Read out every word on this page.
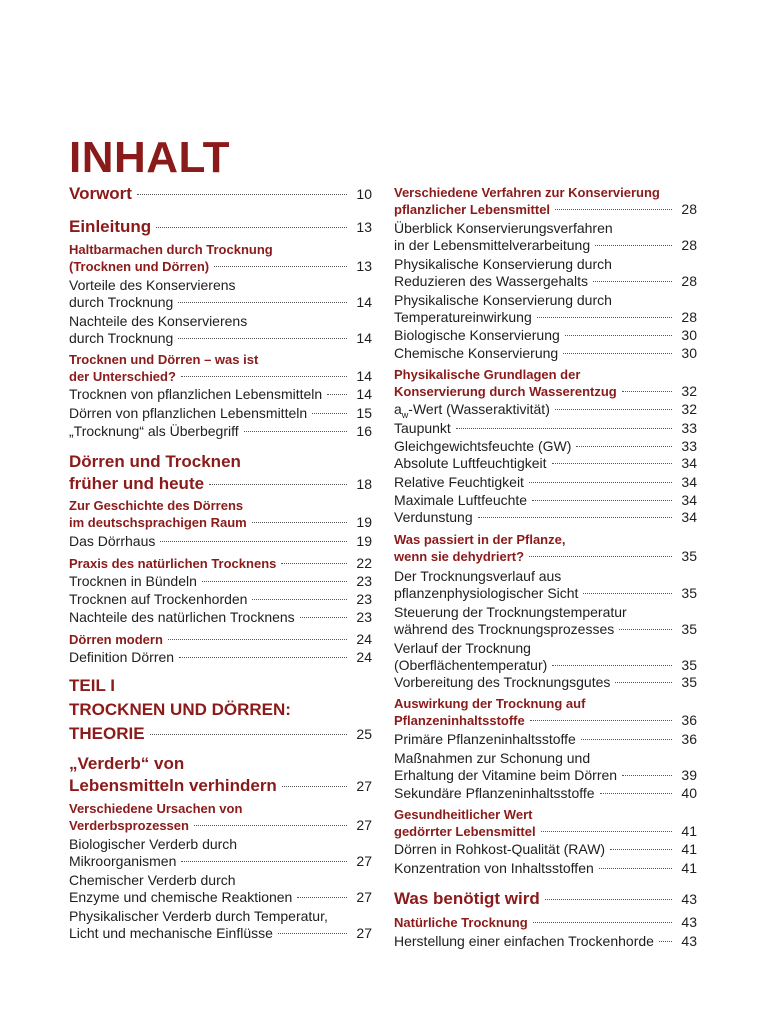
INHALT
Vorwort	10
Einleitung	13
Haltbarmachen durch Trocknung
(Trocknen und Dörren)	13
Vorteile des Konservierens
durch Trocknung	14
Nachteile des Konservierens
durch Trocknung	14
Trocknen und Dörren – was ist
der Unterschied?	14
Trocknen von pflanzlichen Lebensmitteln	14
Dörren von pflanzlichen Lebensmitteln	15
„Trocknung“ als Überbegriff	16
Dörren und Trocknen
früher und heute	18
Zur Geschichte des Dörrens
im deutschsprachigen Raum	19
Das Dörrhaus	19
Praxis des natürlichen Trocknens	22
Trocknen in Bündeln	23
Trocknen auf Trockenhorden	23
Nachteile des natürlichen Trocknens	23
Dörren modern	24
Definition Dörren	24
TEIL I
TROCKNEN UND DÖRREN:
THEORIE	25
„Verderb“ von
Lebensmitteln verhindern	27
Verschiedene Ursachen von
Verderbsprozessen	27
Biologischer Verderb durch
Mikroorganismen	27
Chemischer Verderb durch
Enzyme und chemische Reaktionen	27
Physikalischer Verderb durch Temperatur,
Licht und mechanische Einflüsse	27
Verschiedene Verfahren zur Konservierung
pflanzlicher Lebensmittel	28
Überblick Konservierungsverfahren
in der Lebensmittelverarbeitung	28
Physikalische Konservierung durch
Reduzieren des Wassergehalts	28
Physikalische Konservierung durch
Temperatureinwirkung	28
Biologische Konservierung	30
Chemische Konservierung	30
Physikalische Grundlagen der
Konservierung durch Wasserentzug	32
$a_w$-Wert (Wasseraktivität)	32
Taupunkt	33
Gleichgewichtsfeuchte (GW)	33
Absolute Luftfeuchtigkeit	34
Relative Feuchtigkeit	34
Maximale Luftfeuchte	34
Verdunstung	34
Was passiert in der Pflanze,
wenn sie dehydriert?	35
Der Trocknungsverlauf aus
pflanzenphysiologischer Sicht	35
Steuerung der Trocknungstemperatur
während des Trocknungsprozesses	35
Verlauf der Trocknung
(Oberflächentemperatur)	35
Vorbereitung des Trocknungsgutes	35
Auswirkung der Trocknung auf
Pflanzeninhaltsstoffe	36
Primäre Pflanzeninhaltsstoffe	36
Maßnahmen zur Schonung und
Erhaltung der Vitamine beim Dörren	39
Sekundäre Pflanzeninhaltsstoffe	40
Gesundheitlicher Wert
gedörrter Lebensmittel	41
Dörren in Rohkost-Qualität (RAW)	41
Konzentration von Inhaltsstoffen	41
Was benötigt wird	43
Natürliche Trocknung	43
Herstellung einer einfachen Trockenhorde	43
